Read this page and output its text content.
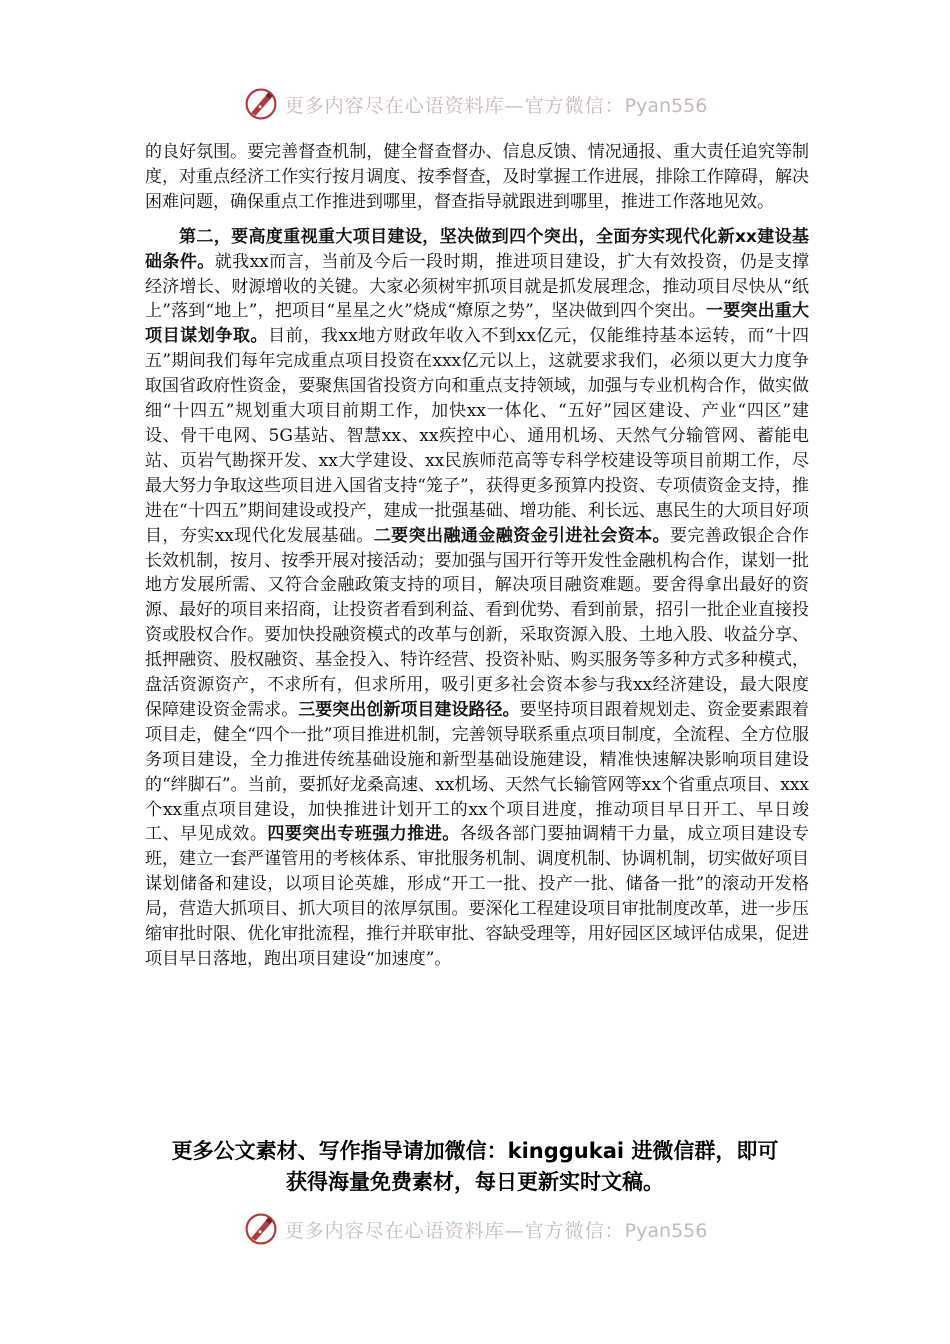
更多内容尽在心语资料库—官方微信：Pyan556

的良好氛围。要完善督查机制，健全督查督办、信息反馈、情况通报、重大责任追究等制度，对重点经济工作实行按月调度、按季督查，及时掌握工作进展，排除工作障碍，解决困难问题，确保重点工作推进到哪里，督查指导就跟进到哪里，推进工作落地见效。

第二，要高度重视重大项目建设，坚决做到四个突出，全面夯实现代化新xx建设基础条件。就我xx而言，当前及今后一段时期，推进项目建设，扩大有效投资，仍是支撑经济增长、财源增收的关键。大家必须树牢抓项目就是抓发展理念，推动项目尽快从“纸上”落到“地上”，把项目“星星之火”烧成“燎原之势”，坚决做到四个突出。一要突出重大项目谋划争取。目前，我xx地方财政年收入不到xx亿元，仅能维持基本运转，而“十四五”期间我们每年完成重点项目投资在xxx亿元以上，这就要求我们，必须以更大力度争取国省政府性资金，要聚焦国省投资方向和重点支持领域，加强与专业机构合作，做实做细“十四五”规划重大项目前期工作，加快xx一体化、“五好”园区建设、产业“四区”建设、骨干电网、5G基站、智慧xx、xx疾控中心、通用机场、天然气分输管网、蓄能电站、页岩气勘探开发、xx大学建设、xx民族师范高等专科学校建设等项目前期工作，尽最大努力争取这些项目进入国省支持“笼子”，获得更多预算内投资、专项债资金支持，推进在“十四五”期间建设或投产，建成一批强基础、增功能、利长远、惠民生的大项目好项目，夯实xx现代化发展基础。二要突出融通金融资金引进社会资本。要完善政银企合作长效机制，按月、按季开展对接活动；要加强与国开行等开发性金融机构合作，谋划一批地方发展所需、又符合金融政策支持的项目，解决项目融资难题。要舍得拿出最好的资源、最好的项目来招商，让投资者看到利益、看到优势、看到前景，招引一批企业直接投资或股权合作。要加快投融资模式的改革与创新，采取资源入股、土地入股、收益分享、抵押融资、股权融资、基金投入、特许经营、投资补贴、购买服务等多种方式多种模式，盘活资源资产，不求所有，但求所用，吸引更多社会资本参与我xx经济建设，最大限度保障建设资金需求。三要突出创新项目建设路径。要坚持项目跟着规划走、资金要素跟着项目走，健全“四个一批”项目推进机制，完善领导联系重点项目制度，全流程、全方位服务项目建设，全力推进传统基础设施和新型基础设施建设，精准快速解决影响项目建设的“绊脚石”。当前，要抓好龙桑高速、xx机场、天然气长输管网等xx个省重点项目、xxx个xx重点项目建设，加快推进计划开工的xx个项目进度，推动项目早日开工、早日竣工、早见成效。四要突出专班强力推进。各级各部门要抽调精干力量，成立项目建设专班，建立一套严谨管用的考核体系、审批服务机制、调度机制、协调机制，切实做好项目谋划储备和建设，以项目论英雄，形成“开工一批、投产一批、储备一批”的滚动开发格局，营造大抓项目、抓大项目的浓厚氛围。要深化工程建设项目审批制度改革，进一步压缩审批时限、优化审批流程，推行并联审批、容缺受理等，用好园区区域评估成果，促进项目早日落地，跑出项目建设“加速度”。

更多公文素材、写作指导请加微信：kinggukai 进微信群，即可
获得海量免费素材，每日更新实时文稿。
更多内容尽在心语资料库—官方微信：Pyan556
